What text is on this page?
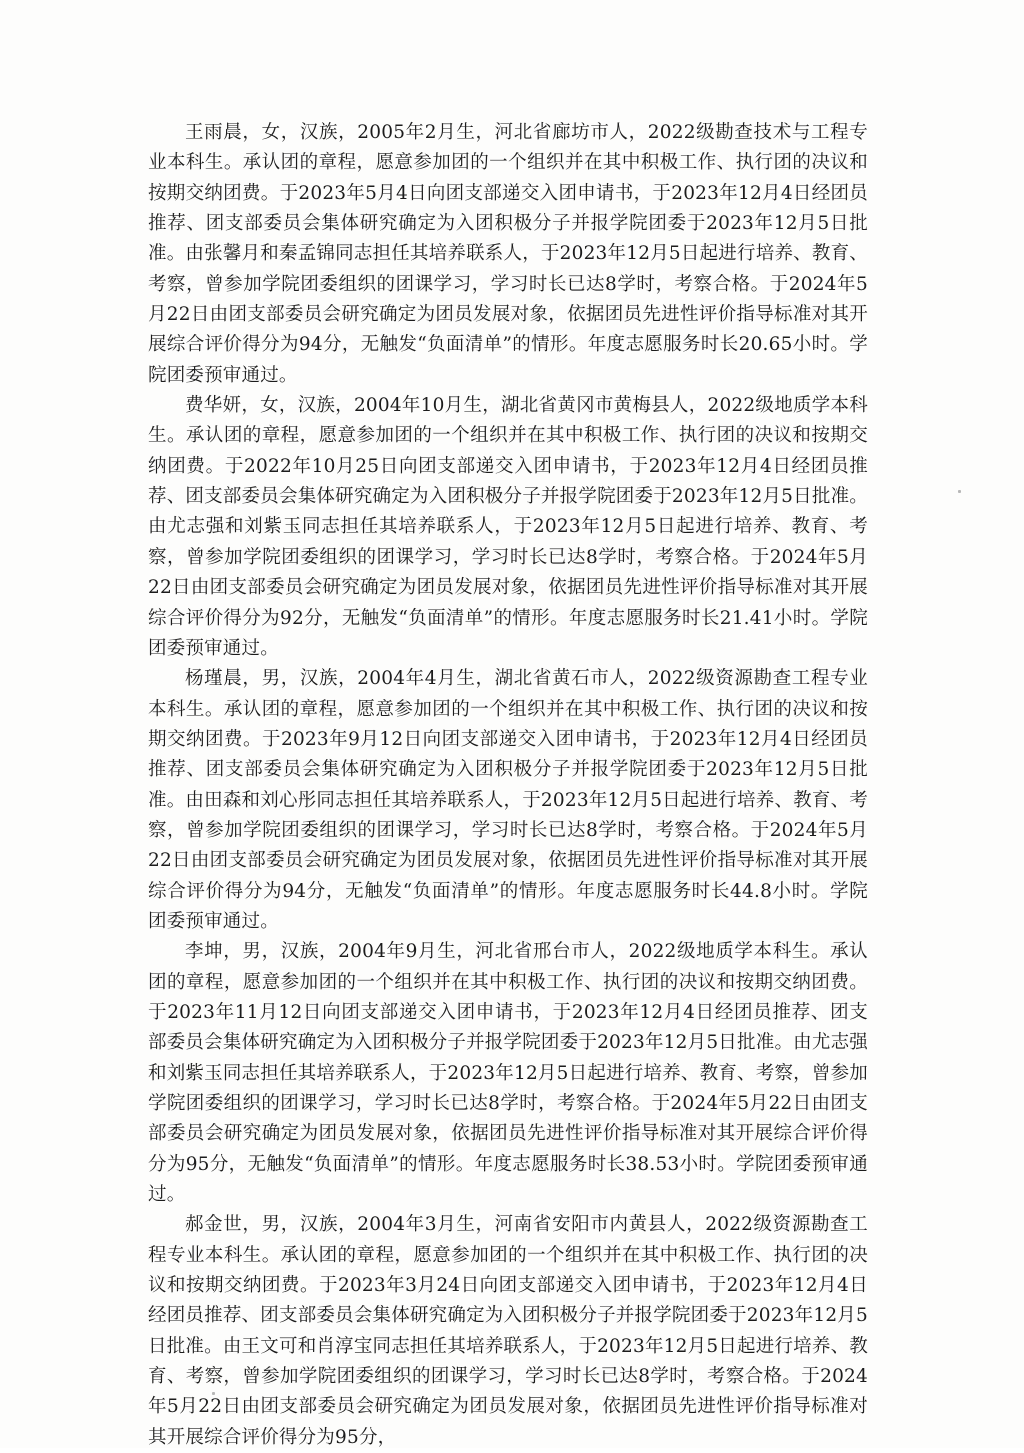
王雨晨，女，汉族，2005年2月生，河北省廊坊市人，2022级勘查技术与工程专业本科生。承认团的章程，愿意参加团的一个组织并在其中积极工作、执行团的决议和按期交纳团费。于2023年5月4日向团支部递交入团申请书，于2023年12月4日经团员推荐、团支部委员会集体研究确定为入团积极分子并报学院团委于2023年12月5日批准。由张馨月和秦孟锦同志担任其培养联系人，于2023年12月5日起进行培养、教育、考察，曾参加学院团委组织的团课学习，学习时长已达8学时，考察合格。于2024年5月22日由团支部委员会研究确定为团员发展对象，依据团员先进性评价指导标准对其开展综合评价得分为94分，无触发“负面清单”的情形。年度志愿服务时长20.65小时。学院团委预审通过。

费华妍，女，汉族，2004年10月生，湖北省黄冈市黄梅县人，2022级地质学本科生。承认团的章程，愿意参加团的一个组织并在其中积极工作、执行团的决议和按期交纳团费。于2022年10月25日向团支部递交入团申请书，于2023年12月4日经团员推荐、团支部委员会集体研究确定为入团积极分子并报学院团委于2023年12月5日批准。由尤志强和刘紫玉同志担任其培养联系人，于2023年12月5日起进行培养、教育、考察，曾参加学院团委组织的团课学习，学习时长已达8学时，考察合格。于2024年5月22日由团支部委员会研究确定为团员发展对象，依据团员先进性评价指导标准对其开展综合评价得分为92分，无触发“负面清单”的情形。年度志愿服务时长21.41小时。学院团委预审通过。

杨瑾晨，男，汉族，2004年4月生，湖北省黄石市人，2022级资源勘查工程专业本科生。承认团的章程，愿意参加团的一个组织并在其中积极工作、执行团的决议和按期交纳团费。于2023年9月12日向团支部递交入团申请书，于2023年12月4日经团员推荐、团支部委员会集体研究确定为入团积极分子并报学院团委于2023年12月5日批准。由田森和刘心彤同志担任其培养联系人，于2023年12月5日起进行培养、教育、考察，曾参加学院团委组织的团课学习，学习时长已达8学时，考察合格。于2024年5月22日由团支部委员会研究确定为团员发展对象，依据团员先进性评价指导标准对其开展综合评价得分为94分，无触发“负面清单”的情形。年度志愿服务时长44.8小时。学院团委预审通过。

李坤，男，汉族，2004年9月生，河北省邢台市人，2022级地质学本科生。承认团的章程，愿意参加团的一个组织并在其中积极工作、执行团的决议和按期交纳团费。于2023年11月12日向团支部递交入团申请书，于2023年12月4日经团员推荐、团支部委员会集体研究确定为入团积极分子并报学院团委于2023年12月5日批准。由尤志强和刘紫玉同志担任其培养联系人，于2023年12月5日起进行培养、教育、考察，曾参加学院团委组织的团课学习，学习时长已达8学时，考察合格。于2024年5月22日由团支部委员会研究确定为团员发展对象，依据团员先进性评价指导标准对其开展综合评价得分为95分，无触发“负面清单”的情形。年度志愿服务时长38.53小时。学院团委预审通过。

郝金世，男，汉族，2004年3月生，河南省安阳市内黄县人，2022级资源勘查工程专业本科生。承认团的章程，愿意参加团的一个组织并在其中积极工作、执行团的决议和按期交纳团费。于2023年3月24日向团支部递交入团申请书，于2023年12月4日经团员推荐、团支部委员会集体研究确定为入团积极分子并报学院团委于2023年12月5日批准。由王文可和肖淳宝同志担任其培养联系人，于2023年12月5日起进行培养、教育、考察，曾参加学院团委组织的团课学习，学习时长已达8学时，考察合格。于2024年5月22日由团支部委员会研究确定为团员发展对象，依据团员先进性评价指导标准对其开展综合评价得分为95分，
